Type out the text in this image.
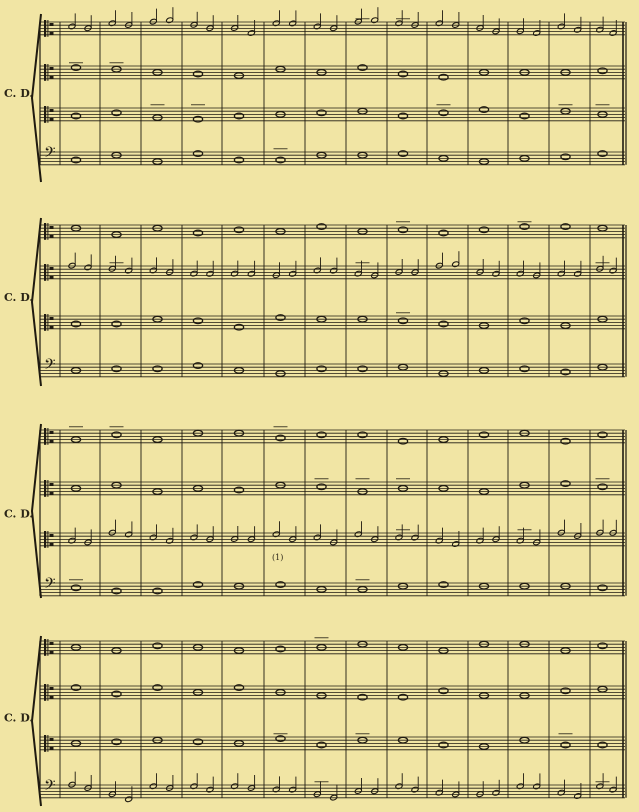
C. D.
𝄢
C. D.
𝄢
C. D.
𝄢
(1)
C. D.
𝄢
